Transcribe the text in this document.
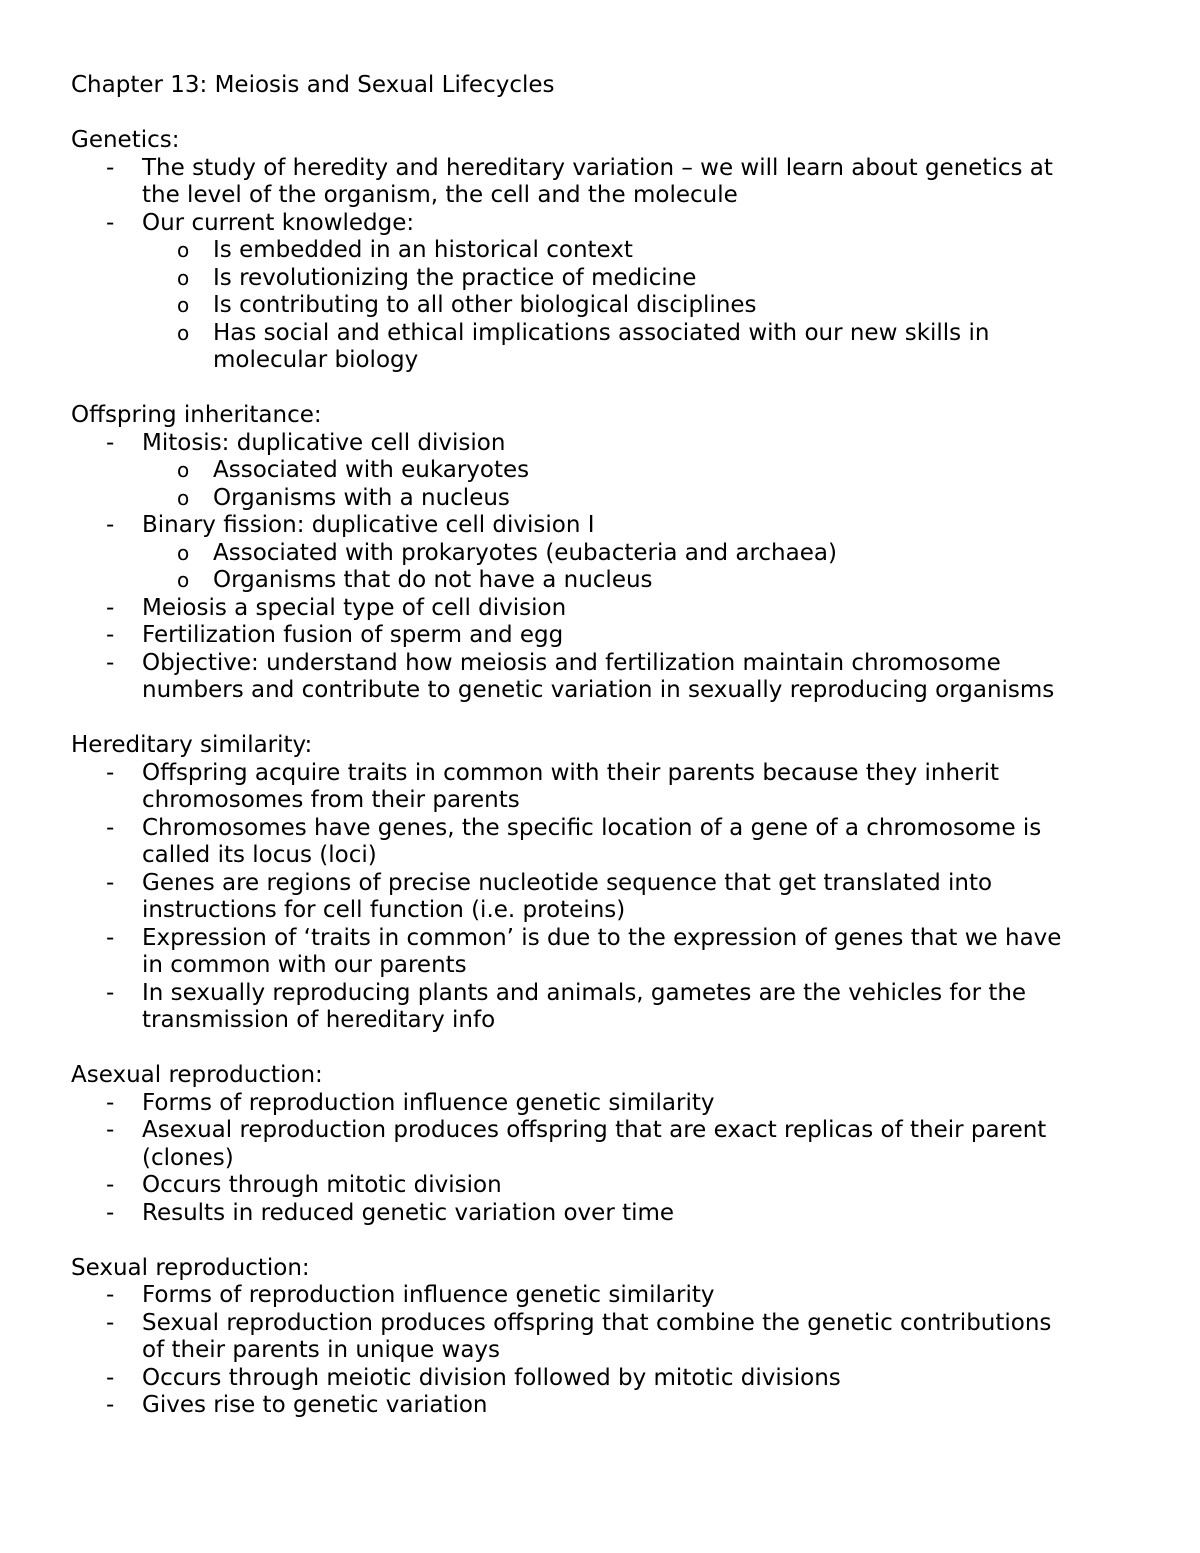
Chapter 13: Meiosis and Sexual Lifecycles
Genetics:
- The study of heredity and hereditary variation – we will learn about genetics at the level of the organism, the cell and the molecule
- Our current knowledge:
o Is embedded in an historical context
o Is revolutionizing the practice of medicine
o Is contributing to all other biological disciplines
o Has social and ethical implications associated with our new skills in molecular biology
Offspring inheritance:
- Mitosis: duplicative cell division
o Associated with eukaryotes
o Organisms with a nucleus
- Binary fission: duplicative cell division I
o Associated with prokaryotes (eubacteria and archaea)
o Organisms that do not have a nucleus
- Meiosis a special type of cell division
- Fertilization fusion of sperm and egg
- Objective: understand how meiosis and fertilization maintain chromosome numbers and contribute to genetic variation in sexually reproducing organisms
Hereditary similarity:
- Offspring acquire traits in common with their parents because they inherit chromosomes from their parents
- Chromosomes have genes, the specific location of a gene of a chromosome is called its locus (loci)
- Genes are regions of precise nucleotide sequence that get translated into instructions for cell function (i.e. proteins)
- Expression of ‘traits in common’ is due to the expression of genes that we have in common with our parents
- In sexually reproducing plants and animals, gametes are the vehicles for the transmission of hereditary info
Asexual reproduction:
- Forms of reproduction influence genetic similarity
- Asexual reproduction produces offspring that are exact replicas of their parent (clones)
- Occurs through mitotic division
- Results in reduced genetic variation over time
Sexual reproduction:
- Forms of reproduction influence genetic similarity
- Sexual reproduction produces offspring that combine the genetic contributions of their parents in unique ways
- Occurs through meiotic division followed by mitotic divisions
- Gives rise to genetic variation
